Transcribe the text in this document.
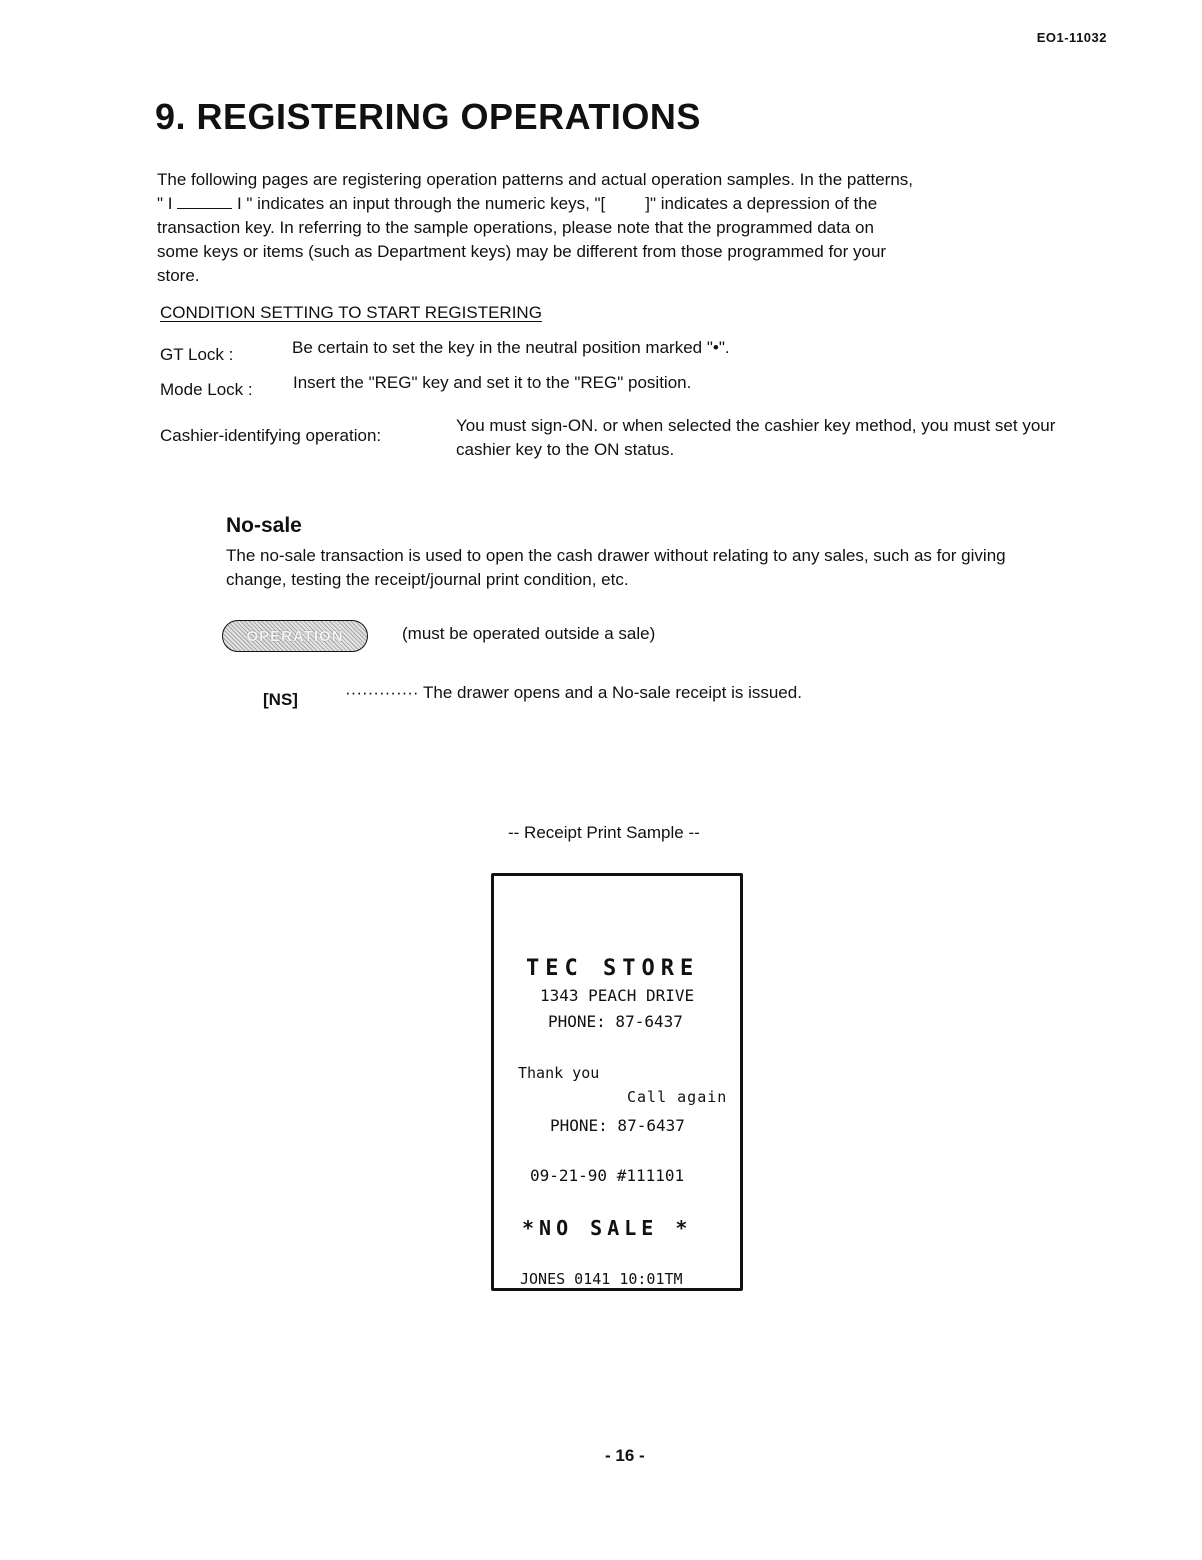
EO1-11032
9. REGISTERING OPERATIONS

The following pages are registering operation patterns and actual operation samples. In the patterns,

" I	I " indicates an input through the numeric keys, "[ ]" indicates a depression of the

transaction key. In referring to the sample operations, please note that the programmed data on

some keys or items (such as Department keys) may be different from those programmed for your

store.

CONDITION SETTING TO START REGISTERING
GT Lock :	Be certain to set the key in the neutral position marked "•".
Mode Lock : Insert the "REG" key and set it to the "REG" position.
Cashier-identifying operation:
You must sign-ON. or when selected the cashier key method, you must set your cashier key to the ON status.
No-sale
The no-sale transaction is used to open the cash drawer without relating to any sales, such as for giving change, testing the receipt/journal print condition, etc.
OPERATION	(must be operated outside a sale)
[NS]	············· The drawer opens and a No-sale receipt is issued.
-- Receipt Print Sample --
TEC STORE
1343 PEACH DRIVE
PHONE: 87-6437
Thank you
Call again
PHONE: 87-6437
09-21-90 #111101
*NO SALE *
JONES 0141 10:01TM
- 16 -
